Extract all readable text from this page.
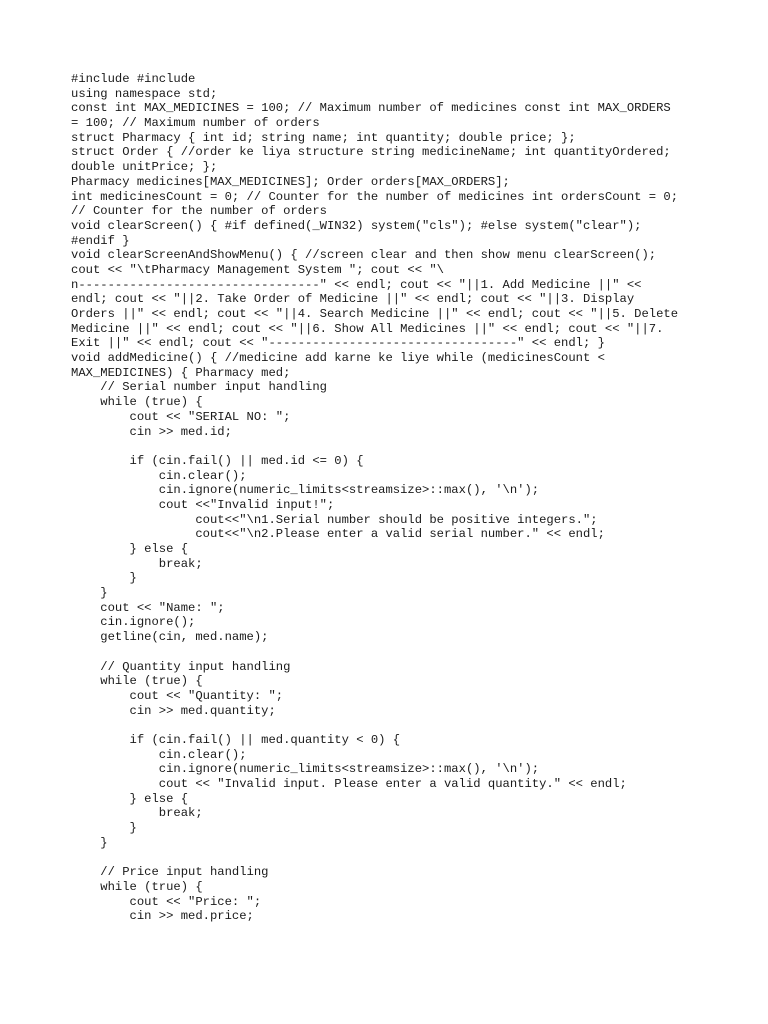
#include #include
using namespace std;
const int MAX_MEDICINES = 100; // Maximum number of medicines const int MAX_ORDERS
= 100; // Maximum number of orders
struct Pharmacy { int id; string name; int quantity; double price; };
struct Order { //order ke liya structure string medicineName; int quantityOrdered;
double unitPrice; };
Pharmacy medicines[MAX_MEDICINES]; Order orders[MAX_ORDERS];
int medicinesCount = 0; // Counter for the number of medicines int ordersCount = 0;
// Counter for the number of orders
void clearScreen() { #if defined(_WIN32) system("cls"); #else system("clear");
#endif }
void clearScreenAndShowMenu() { //screen clear and then show menu clearScreen();
cout << "\tPharmacy Management System "; cout << "\
n---------------------------------" << endl; cout << "||1. Add Medicine ||" <<
endl; cout << "||2. Take Order of Medicine ||" << endl; cout << "||3. Display
Orders ||" << endl; cout << "||4. Search Medicine ||" << endl; cout << "||5. Delete
Medicine ||" << endl; cout << "||6. Show All Medicines ||" << endl; cout << "||7.
Exit ||" << endl; cout << "----------------------------------" << endl; }
void addMedicine() { //medicine add karne ke liye while (medicinesCount <
MAX_MEDICINES) { Pharmacy med;
// Serial number input handling
while (true) {
cout << "SERIAL NO: ";
cin >> med.id;
if (cin.fail() || med.id <= 0) {
cin.clear();
cin.ignore(numeric_limits<streamsize>::max(), '\n');
cout <<"Invalid input!";
cout<<"\n1.Serial number should be positive integers.";
cout<<"\n2.Please enter a valid serial number." << endl;
} else {
break;
}
}
cout << "Name: ";
cin.ignore();
getline(cin, med.name);
// Quantity input handling
while (true) {
cout << "Quantity: ";
cin >> med.quantity;
if (cin.fail() || med.quantity < 0) {
cin.clear();
cin.ignore(numeric_limits<streamsize>::max(), '\n');
cout << "Invalid input. Please enter a valid quantity." << endl;
} else {
break;
}
}
// Price input handling
while (true) {
cout << "Price: ";
cin >> med.price;
